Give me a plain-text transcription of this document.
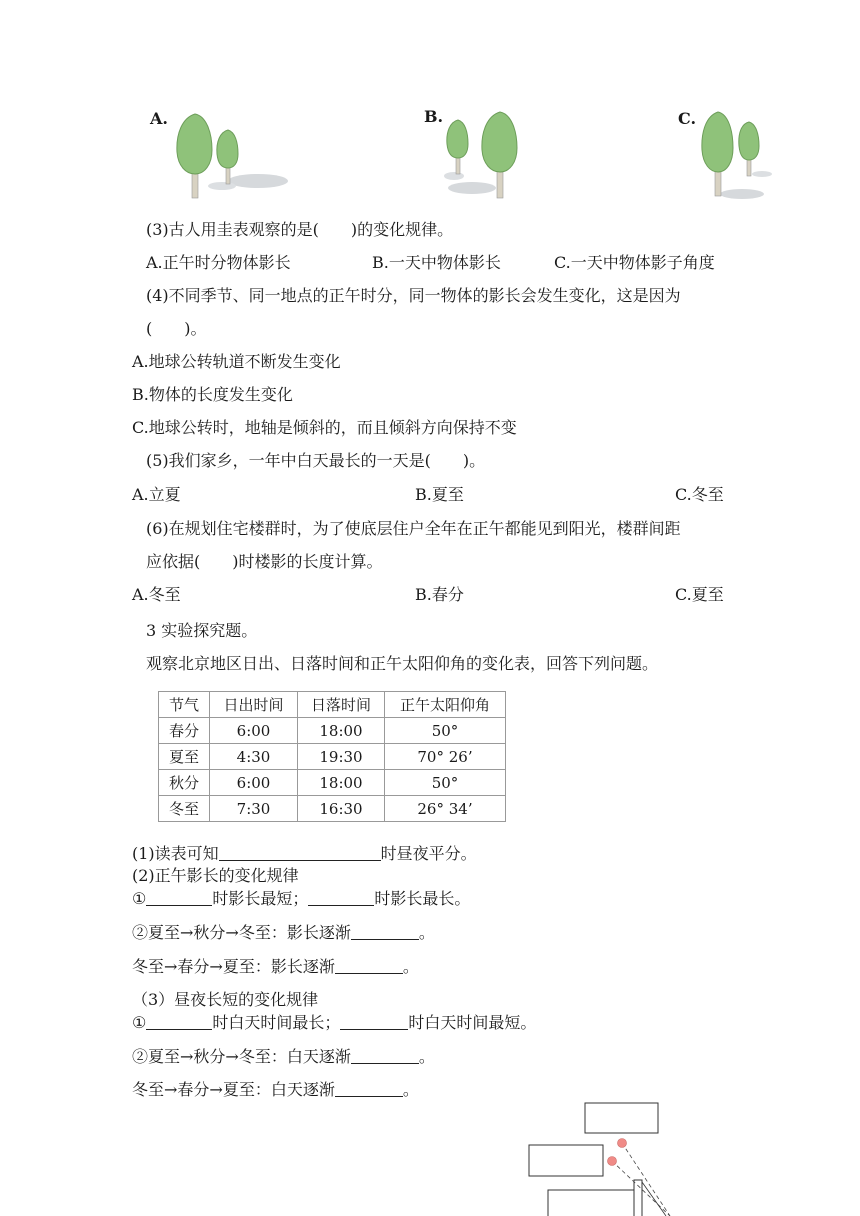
A.	B.	C.
(3)古人用圭表观察的是(　　)的变化规律。
A.正午时分物体影长	B.一天中物体影长	C.一天中物体影子角度
(4)不同季节、同一地点的正午时分，同一物体的影长会发生变化，这是因为
(　　)。
A.地球公转轨道不断发生变化
B.物体的长度发生变化
C.地球公转时，地轴是倾斜的，而且倾斜方向保持不变
(5)我们家乡，一年中白天最长的一天是(　　)。
A.立夏	B.夏至	C.冬至
(6)在规划住宅楼群时，为了使底层住户全年在正午都能见到阳光，楼群间距
应依据(　　)时楼影的长度计算。
A.冬至	B.春分	C.夏至
3 实验探究题。
观察北京地区日出、日落时间和正午太阳仰角的变化表，回答下列问题。
节气	日出时间	日落时间	正午太阳仰角
春分	6:00	18:00	50°
夏至	4:30	19:30	70° 26’
秋分	6:00	18:00	50°
冬至	7:30	16:30	26° 34’
(1)读表可知	时昼夜平分。
(2)正午影长的变化规律
①	时影长最短；	时影长最长。
②夏至→秋分→冬至：影长逐渐	。
冬至→春分→夏至：影长逐渐	。
（3）昼夜长短的变化规律
①	时白天时间最长；	时白天时间最短。
②夏至→秋分→冬至：白天逐渐	。
冬至→春分→夏至：白天逐渐	。
